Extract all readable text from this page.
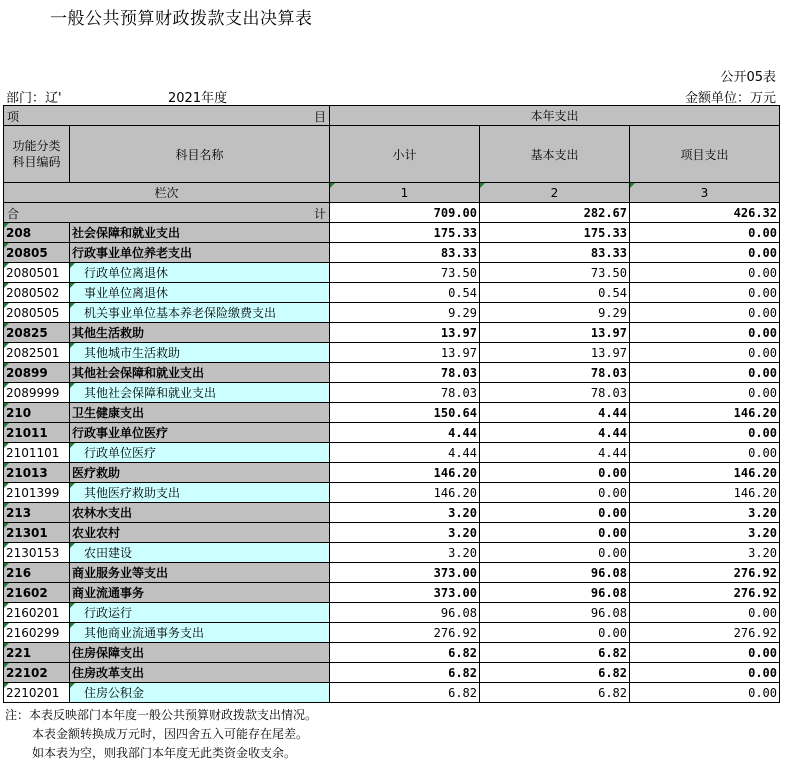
一般公共预算财政拨款支出决算表
公开05表
部门：辽'	2021年度	金额单位：万元
项 目		本年支出		
功能分类
科目编码	科目名称	小计	基本支出	项目支出
栏次		1	2	3

合 计		709.00	282.67	426.32
208	社会保障和就业支出	175.33	175.33	0.00
20805	行政事业单位养老支出	83.33	83.33	0.00
2080501	行政单位离退休	73.50	73.50	0.00
2080502	事业单位离退休	0.54	0.54	0.00
2080505	机关事业单位基本养老保险缴费支出	9.29	9.29	0.00
20825	其他生活救助	13.97	13.97	0.00
2082501	其他城市生活救助	13.97	13.97	0.00
20899	其他社会保障和就业支出	78.03	78.03	0.00
2089999	其他社会保障和就业支出	78.03	78.03	0.00
210	卫生健康支出	150.64	4.44	146.20
21011	行政事业单位医疗	4.44	4.44	0.00
2101101	行政单位医疗	4.44	4.44	0.00
21013	医疗救助	146.20	0.00	146.20
2101399	其他医疗救助支出	146.20	0.00	146.20
213	农林水支出	3.20	0.00	3.20
21301	农业农村	3.20	0.00	3.20
2130153	农田建设	3.20	0.00	3.20
216	商业服务业等支出	373.00	96.08	276.92
21602	商业流通事务	373.00	96.08	276.92
2160201	行政运行	96.08	96.08	0.00
2160299	其他商业流通事务支出	276.92	0.00	276.92
221	住房保障支出	6.82	6.82	0.00
22102	住房改革支出	6.82	6.82	0.00
2210201	住房公积金	6.82	6.82	0.00
注：本表反映部门本年度一般公共预算财政拨款支出情况。
本表金额转换成万元时，因四舍五入可能存在尾差。
如本表为空，则我部门本年度无此类资金收支余。
